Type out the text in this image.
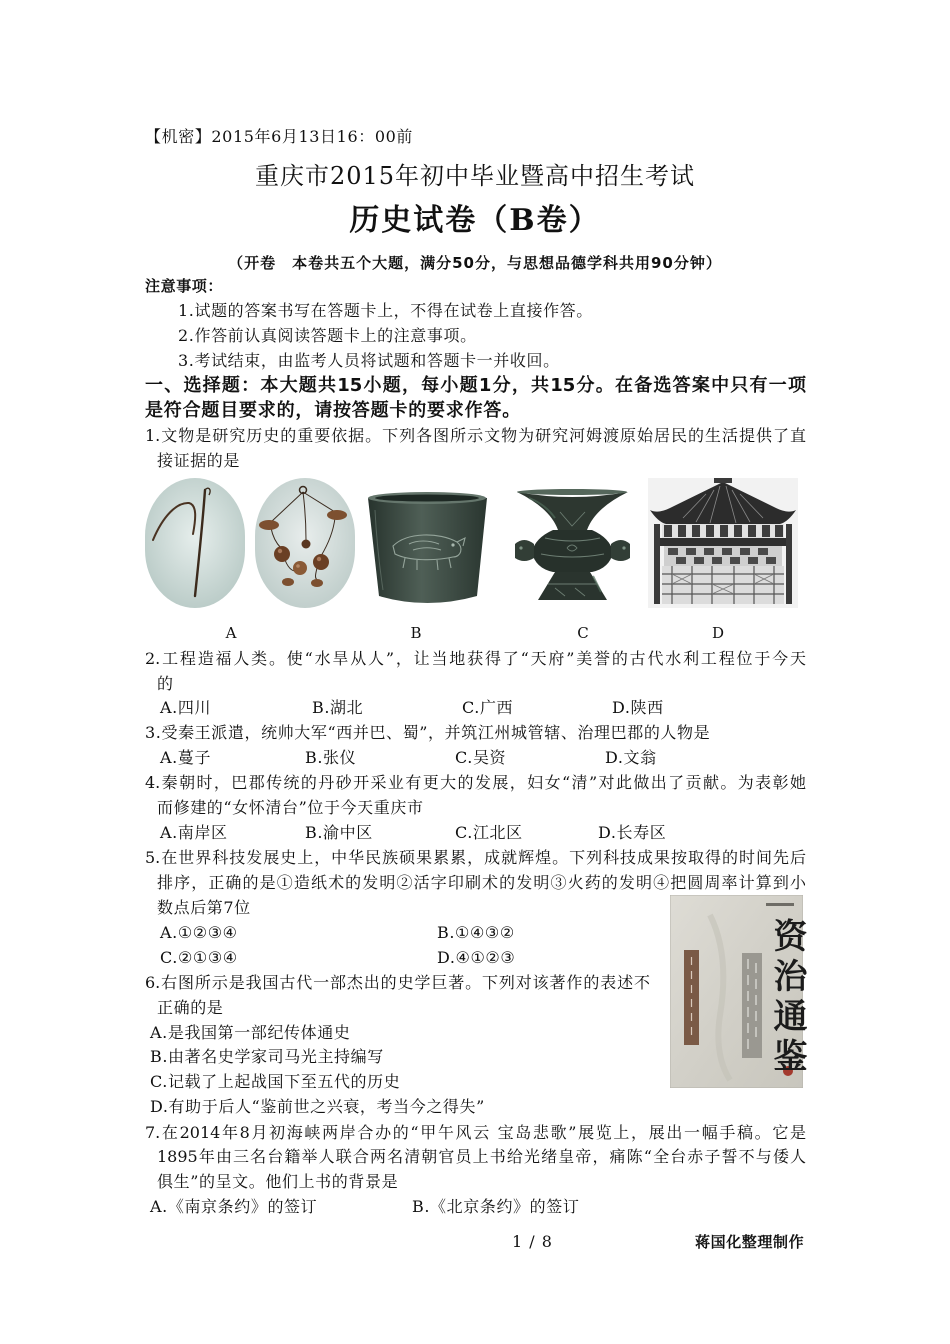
【机密】2015年6月13日16：00前
重庆市2015年初中毕业暨高中招生考试
历史试卷（B卷）
（开卷　本卷共五个大题，满分50分，与思想品德学科共用90分钟）
注意事项：
1.试题的答案书写在答题卡上，不得在试卷上直接作答。
2.作答前认真阅读答题卡上的注意事项。
3.考试结束，由监考人员将试题和答题卡一并收回。
一、选择题：本大题共15小题，每小题1分，共15分。在备选答案中只有一项
是符合题目要求的，请按答题卡的要求作答。
1.文物是研究历史的重要依据。下列各图所示文物为研究河姆渡原始居民的生活提供了直
接证据的是
A	B	C	D
2.工程造福人类。使“水旱从人”，让当地获得了“天府”美誉的古代水利工程位于今天
的
A.四川	B.湖北	C.广西	D.陕西
3.受秦王派遣，统帅大军“西并巴、蜀”，并筑江州城管辖、治理巴郡的人物是
A.蔓子	B.张仪	C.吴资	D.文翁
4.秦朝时，巴郡传统的丹砂开采业有更大的发展，妇女“清”对此做出了贡献。为表彰她
而修建的“女怀清台”位于今天重庆市
A.南岸区	B.渝中区	C.江北区	D.长寿区
5.在世界科技发展史上，中华民族硕果累累，成就辉煌。下列科技成果按取得的时间先后
排序，正确的是①造纸术的发明②活字印刷术的发明③火药的发明④把圆周率计算到小
数点后第7位
A.①②③④	B.①④③②
C.②①③④	D.④①②③	资治通鉴
6.右图所示是我国古代一部杰出的史学巨著。下列对该著作的表述不
正确的是
A.是我国第一部纪传体通史
B.由著名史学家司马光主持编写
C.记载了上起战国下至五代的历史
D.有助于后人“鉴前世之兴衰，考当今之得失”
7.在2014年8月初海峡两岸合办的“甲午风云 宝岛悲歌”展览上，展出一幅手稿。它是
1895年由三名台籍举人联合两名清朝官员上书给光绪皇帝，痛陈“全台赤子誓不与倭人
俱生”的呈文。他们上书的背景是
A.《南京条约》的签订	B.《北京条约》的签订
1 / 8	蒋国化整理制作
